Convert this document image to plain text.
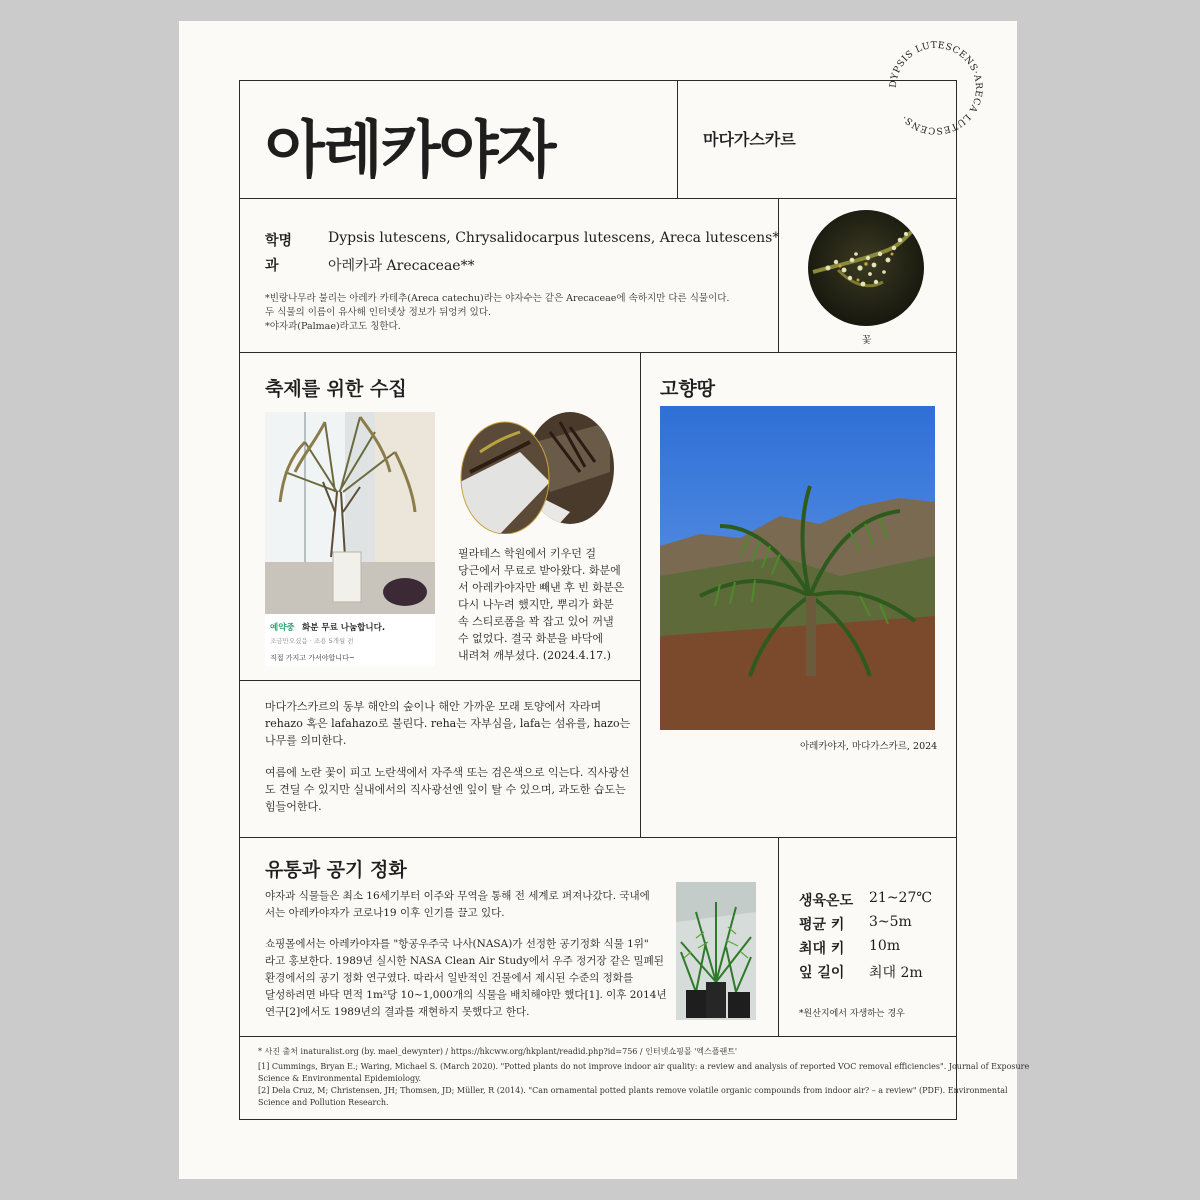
아레카야자	마다가스카르
DYPSIS LUTESCENS·ARECA LUTESCENS·
학명	Dypsis lutescens, Chrysalidocarpus lutescens, Areca lutescens*
과	아레카과 Arecaceae**
*빈랑나무라 불리는 아레카 카테추(Areca catechu)라는 야자수는 같은 Arecaceae에 속하지만 다른 식물이다.
두 식물의 이름이 유사해 인터넷상 정보가 뒤엉켜 있다.
*야자과(Palmae)라고도 칭한다.
꽃
축제를 위한 수집
예약중 화분 무료 나눔합니다.
조금만오셨음 · 조용 5개월 전
직접 가지고 가셔야합니다~
필라테스 학원에서 키우던 걸
당근에서 무료로 받아왔다. 화분에
서 아레카야자만 빼낸 후 빈 화분은
다시 나누려 했지만, 뿌리가 화분
속 스티로폼을 꽉 잡고 있어 꺼낼
수 없었다. 결국 화분을 바닥에
내려쳐 깨부셨다. (2024.4.17.)
고향땅
아레카야자, 마다가스카르, 2024
마다가스카르의 동부 해안의 숲이나 해안 가까운 모래 토양에서 자라며
rehazo 혹은 lafahazo로 불린다. reha는 자부심을, lafa는 섬유를, hazo는
나무를 의미한다.
여름에 노란 꽃이 피고 노란색에서 자주색 또는 검은색으로 익는다. 직사광선
도 견딜 수 있지만 실내에서의 직사광선엔 잎이 탈 수 있으며, 과도한 습도는
힘들어한다.
유통과 공기 정화
야자과 식물들은 최소 16세기부터 이주와 무역을 통해 전 세계로 퍼져나갔다. 국내에
서는 아레카야자가 코로나19 이후 인기를 끌고 있다.
쇼핑몰에서는 아레카야자를 "항공우주국 나사(NASA)가 선정한 공기정화 식물 1위"
라고 홍보한다. 1989년 실시한 NASA Clean Air Study에서 우주 정거장 같은 밀폐된
환경에서의 공기 정화 연구였다. 따라서 일반적인 건물에서 제시된 수준의 정화를
달성하려면 바닥 면적 1m²당 10~1,000개의 식물을 배치해야만 했다[1]. 이후 2014년
연구[2]에서도 1989년의 결과를 재현하지 못했다고 한다.
생육온도 21~27℃
평균 키 3~5m
최대 키 10m
잎 길이 최대 2m
*원산지에서 자생하는 경우
* 사진 출처 inaturalist.org (by. mael_dewynter) / https://hkcww.org/hkplant/readid.php?id=756 / 인터넷쇼핑몰 '엑스플랜트'
[1] Cummings, Bryan E.; Waring, Michael S. (March 2020). "Potted plants do not improve indoor air quality: a review and analysis of reported VOC removal efficiencies". Journal of Exposure
Science & Environmental Epidemiology.
[2] Dela Cruz, M; Christensen, JH; Thomsen, JD; Müller, R (2014). "Can ornamental potted plants remove volatile organic compounds from indoor air? – a review" (PDF). Environmental
Science and Pollution Research.
